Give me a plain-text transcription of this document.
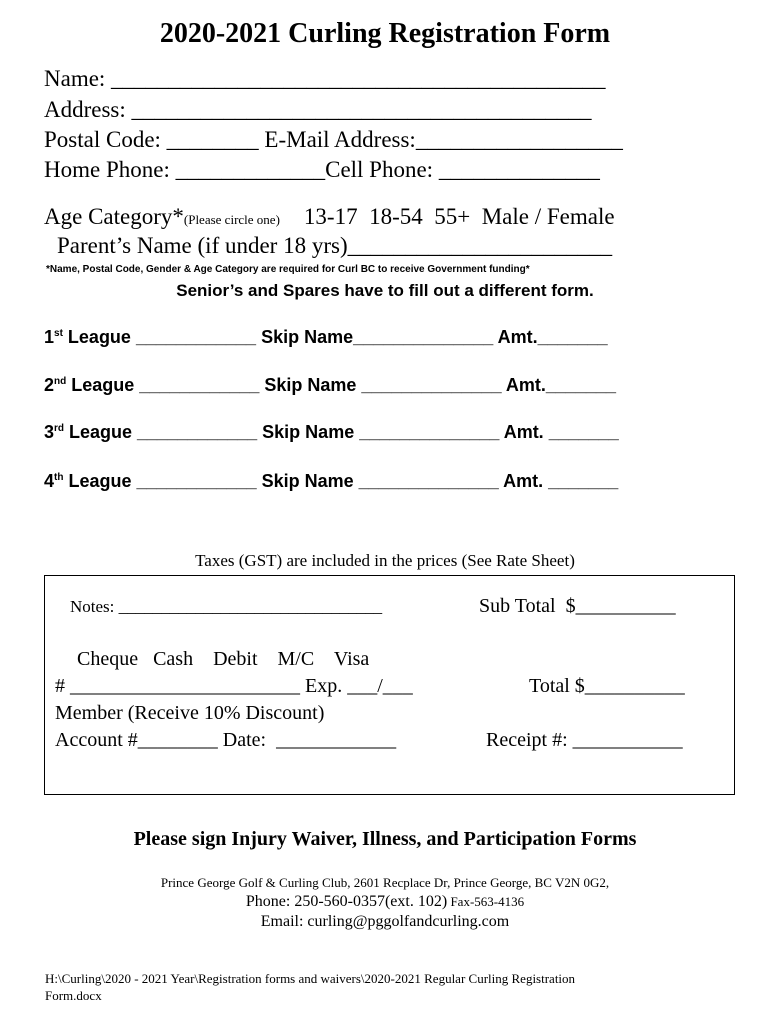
2020-2021 Curling Registration Form
Name: ___________________________________________
Address: ________________________________________
Postal Code: ________ E-Mail Address:__________________
Home Phone: _____________Cell Phone: ______________
Age Category*(Please circle one) 13-17  18-54  55+  Male / Female
Parent’s Name (if under 18 yrs)_______________________
*Name, Postal Code, Gender & Age Category are required for Curl BC to receive Government funding*
Senior’s and Spares have to fill out a different form.
1st League ____________ Skip Name______________ Amt._______
2nd League ____________ Skip Name ______________ Amt._______
3rd League ____________ Skip Name ______________ Amt. _______
4th League ____________ Skip Name ______________ Amt. _______
Taxes (GST) are included in the prices (See Rate Sheet)
Notes: _______________________________	Sub Total  $__________
Cheque   Cash    Debit    M/C    Visa
# _______________________ Exp. ___/___	Total $__________
Member (Receive 10% Discount)
Account #________ Date:  ____________	Receipt #: ___________
Please sign Injury Waiver, Illness, and Participation Forms
Prince George Golf & Curling Club, 2601 Recplace Dr, Prince George, BC V2N 0G2,
Phone: 250-560-0357(ext. 102) Fax-563-4136
Email: curling@pggolfandcurling.com
H:\Curling\2020 - 2021 Year\Registration forms and waivers\2020-2021 Regular Curling Registration
Form.docx
